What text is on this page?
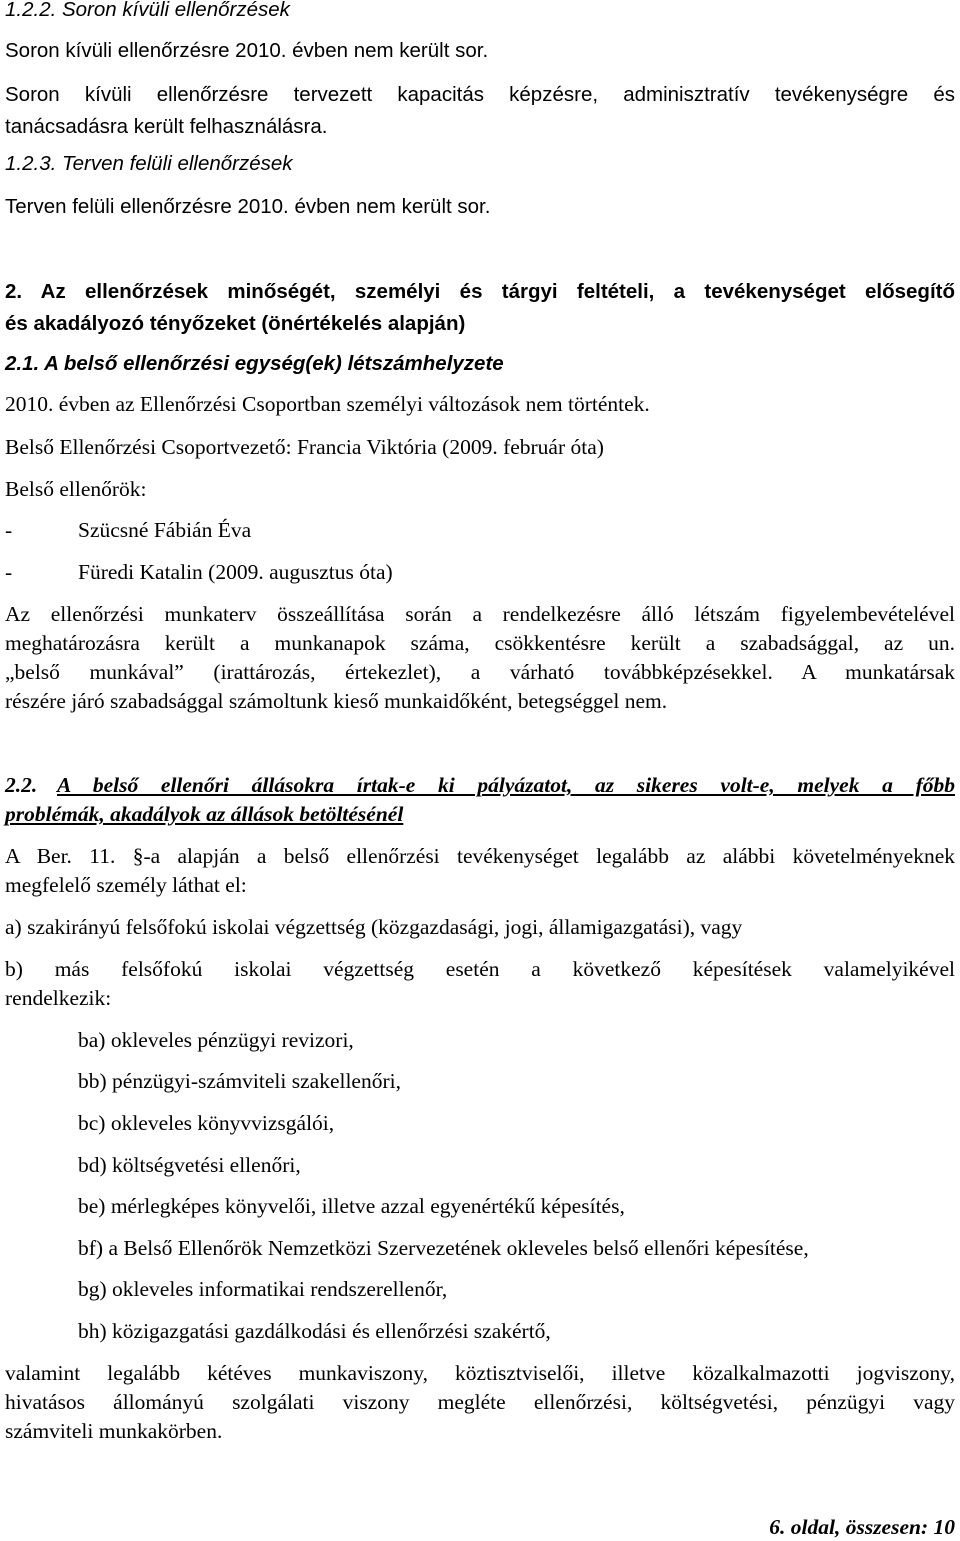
1.2.2. Soron kívüli ellenőrzések
Soron kívüli ellenőrzésre 2010. évben nem került sor.
Soron kívüli ellenőrzésre tervezett kapacitás képzésre, adminisztratív tevékenységre és
tanácsadásra került felhasználásra.
1.2.3. Terven felüli ellenőrzések
Terven felüli ellenőrzésre 2010. évben nem került sor.
2. Az ellenőrzések minőségét, személyi és tárgyi feltételi, a tevékenységet elősegítő
és akadályozó tényőzeket (önértékelés alapján)
2.1. A belső ellenőrzési egység(ek) létszámhelyzete
2010. évben az Ellenőrzési Csoportban személyi változások nem történtek.
Belső Ellenőrzési Csoportvezető: Francia Viktória (2009. február óta)
Belső ellenőrök:
-	Szücsné Fábián Éva
-	Füredi Katalin (2009. augusztus óta)
Az ellenőrzési munkaterv összeállítása során a rendelkezésre álló létszám figyelembevételével
meghatározásra került a munkanapok száma, csökkentésre került a szabadsággal, az un.
„belső munkával” (irattározás, értekezlet), a várható továbbképzésekkel. A munkatársak
részére járó szabadsággal számoltunk kieső munkaidőként, betegséggel nem.
2.2. A belső ellenőri állásokra írtak-e ki pályázatot, az sikeres volt-e, melyek a főbb
problémák, akadályok az állások betöltésénél
A Ber. 11. §-a alapján a belső ellenőrzési tevékenységet legalább az alábbi követelményeknek
megfelelő személy láthat el:
a) szakirányú felsőfokú iskolai végzettség (közgazdasági, jogi, államigazgatási), vagy
b) más felsőfokú iskolai végzettség esetén a következő képesítések valamelyikével
rendelkezik:
ba) okleveles pénzügyi revizori,
bb) pénzügyi-számviteli szakellenőri,
bc) okleveles könyvvizsgálói,
bd) költségvetési ellenőri,
be) mérlegképes könyvelői, illetve azzal egyenértékű képesítés,
bf) a Belső Ellenőrök Nemzetközi Szervezetének okleveles belső ellenőri képesítése,
bg) okleveles informatikai rendszerellenőr,
bh) közigazgatási gazdálkodási és ellenőrzési szakértő,
valamint legalább kétéves munkaviszony, köztisztviselői, illetve közalkalmazotti jogviszony,
hivatásos állományú szolgálati viszony megléte ellenőrzési, költségvetési, pénzügyi vagy
számviteli munkakörben.
6. oldal, összesen: 10
